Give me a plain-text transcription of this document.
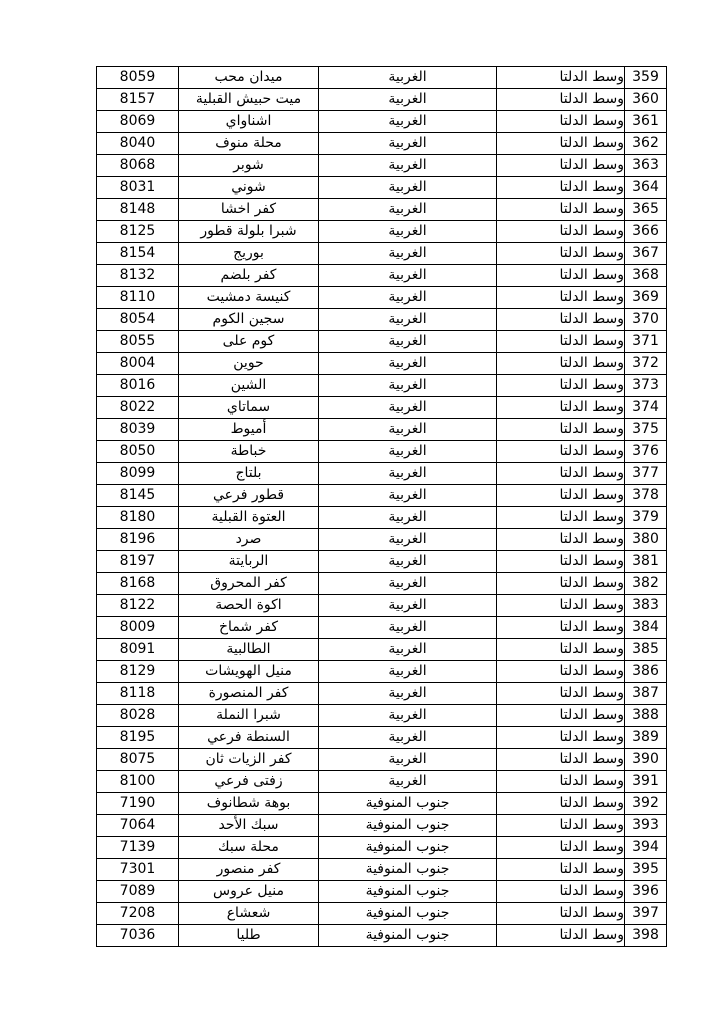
8059	ميدان محب	الغربية	وسط الدلتا	359
8157	ميت حبيش القبلية	الغربية	وسط الدلتا	360
8069	اشناواي	الغربية	وسط الدلتا	361
8040	محلة منوف	الغربية	وسط الدلتا	362
8068	شوبر	الغربية	وسط الدلتا	363
8031	شوني	الغربية	وسط الدلتا	364
8148	كفر اخشا	الغربية	وسط الدلتا	365
8125	شبرا بلولة قطور	الغربية	وسط الدلتا	366
8154	بوريج	الغربية	وسط الدلتا	367
8132	كفر بلضم	الغربية	وسط الدلتا	368
8110	كنيسة دمشيت	الغربية	وسط الدلتا	369
8054	سجين الكوم	الغربية	وسط الدلتا	370
8055	كوم على	الغربية	وسط الدلتا	371
8004	حوين	الغربية	وسط الدلتا	372
8016	الشين	الغربية	وسط الدلتا	373
8022	سماتاي	الغربية	وسط الدلتا	374
8039	أميوط	الغربية	وسط الدلتا	375
8050	خباطة	الغربية	وسط الدلتا	376
8099	بلتاج	الغربية	وسط الدلتا	377
8145	قطور فرعي	الغربية	وسط الدلتا	378
8180	العتوة القبلية	الغربية	وسط الدلتا	379
8196	صرد	الغربية	وسط الدلتا	380
8197	الربايتة	الغربية	وسط الدلتا	381
8168	كفر المحروق	الغربية	وسط الدلتا	382
8122	اكوة الحصة	الغربية	وسط الدلتا	383
8009	كفر شماخ	الغربية	وسط الدلتا	384
8091	الطالبية	الغربية	وسط الدلتا	385
8129	منيل الهويشات	الغربية	وسط الدلتا	386
8118	كفر المنصورة	الغربية	وسط الدلتا	387
8028	شبرا النملة	الغربية	وسط الدلتا	388
8195	السنطة فرعي	الغربية	وسط الدلتا	389
8075	كفر الزيات ثان	الغربية	وسط الدلتا	390
8100	زفتى فرعي	الغربية	وسط الدلتا	391
7190	بوهة شطانوف	جنوب المنوفية	وسط الدلتا	392
7064	سبك الأحد	جنوب المنوفية	وسط الدلتا	393
7139	محلة سبك	جنوب المنوفية	وسط الدلتا	394
7301	كفر منصور	جنوب المنوفية	وسط الدلتا	395
7089	منيل عروس	جنوب المنوفية	وسط الدلتا	396
7208	شعشاع	جنوب المنوفية	وسط الدلتا	397
7036	طليا	جنوب المنوفية	وسط الدلتا	398
